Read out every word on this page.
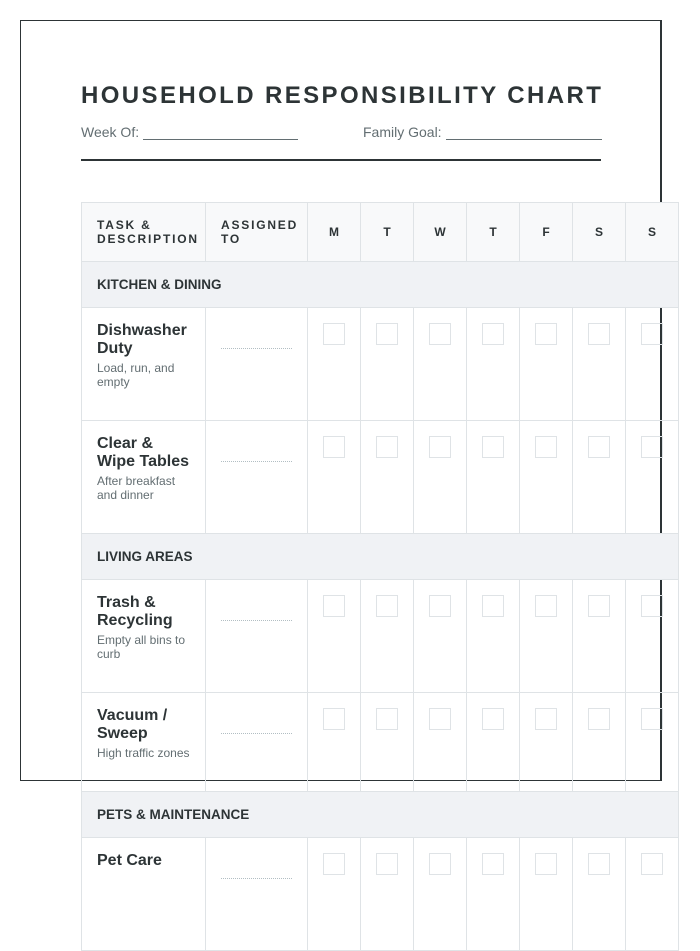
HOUSEHOLD RESPONSIBILITY CHART
Week Of:	Family Goal:
TASK & DESCRIPTION	ASSIGNED TO	M	T	W	T	F	S	S
KITCHEN & DINING								

Dishwasher Duty
Load, run, and empty								

Clear & Wipe Tables
After breakfast and dinner								

LIVING AREAS								

Trash & Recycling
Empty all bins to curb								

Vacuum / Sweep
High traffic zones								

PETS & MAINTENANCE								

Pet Care								
